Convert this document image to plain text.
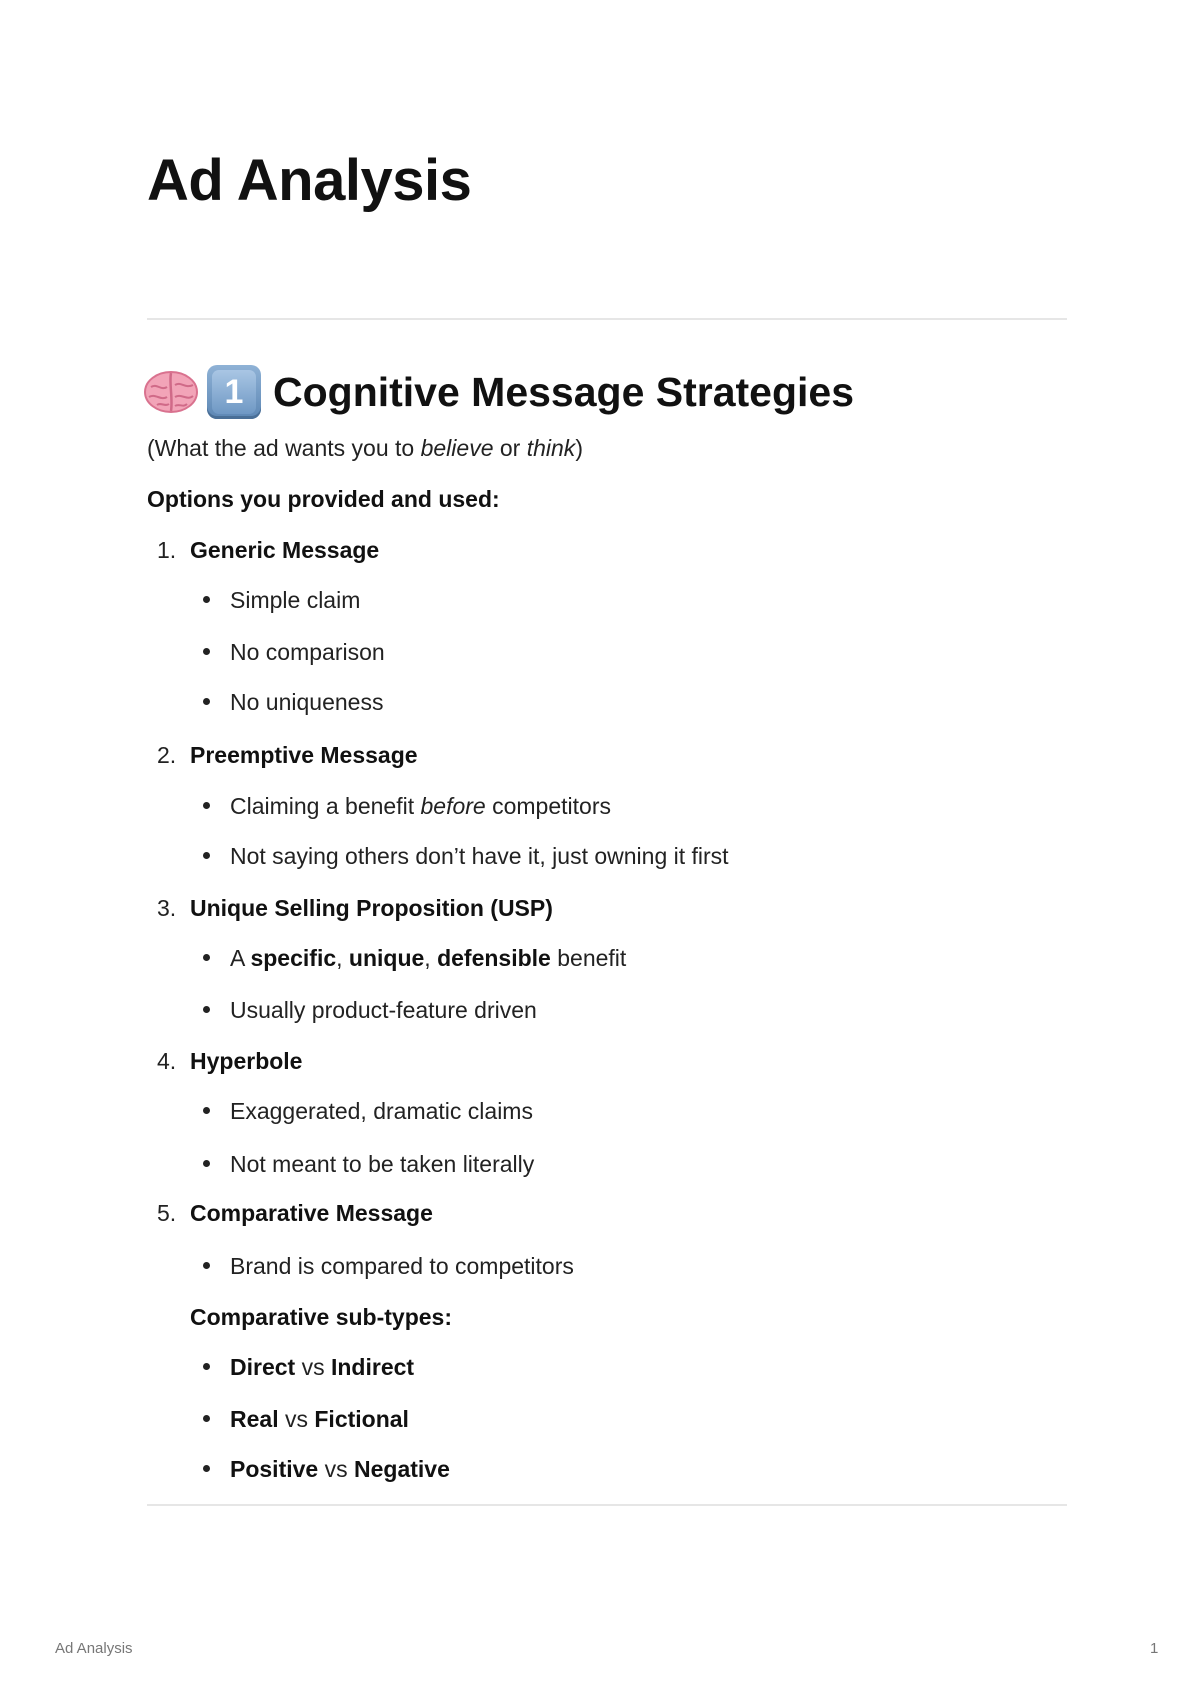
Ad Analysis
1 Cognitive Message Strategies

(What the ad wants you to believe or think)

Options you provided and used:

1. Generic Message
Simple claim
No comparison
No uniqueness
2. Preemptive Message
Claiming a benefit before competitors
Not saying others don’t have it, just owning it first
3. Unique Selling Proposition (USP)
A specific, unique, defensible benefit
Usually product-feature driven
4. Hyperbole
Exaggerated, dramatic claims
Not meant to be taken literally
5. Comparative Message
Brand is compared to competitors
Comparative sub-types:
Direct vs Indirect
Real vs Fictional
Positive vs Negative
Ad Analysis	1
